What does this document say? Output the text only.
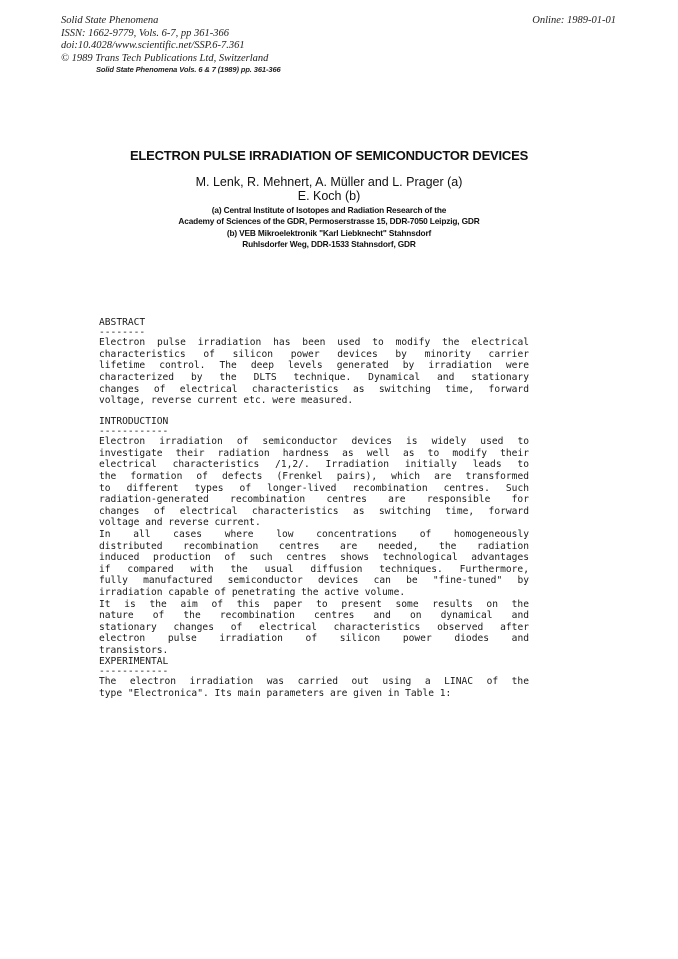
Solid State Phenomena
ISSN: 1662-9779, Vols. 6-7, pp 361-366
doi:10.4028/www.scientific.net/SSP.6-7.361
© 1989 Trans Tech Publications Ltd, Switzerland
Online: 1989-01-01
Solid State Phenomena Vols. 6 & 7 (1989) pp. 361-366
ELECTRON PULSE IRRADIATION OF SEMICONDUCTOR DEVICES
M. Lenk, R. Mehnert, A. Müller and L. Prager (a)
E. Koch (b)
(a) Central Institute of Isotopes and Radiation Research of the
Academy of Sciences of the GDR, Permoserstrasse 15, DDR-7050 Leipzig, GDR
(b) VEB Mikroelektronik "Karl Liebknecht" Stahnsdorf
Ruhlsdorfer Weg, DDR-1533 Stahnsdorf, GDR
ABSTRACT
--------
Electron pulse irradiation has been used to modify the electrical
characteristics of silicon power devices by minority carrier
lifetime control. The deep levels generated by irradiation were
characterized by the DLTS technique. Dynamical and stationary
changes of electrical characteristics as switching time, forward
voltage, reverse current etc. were measured.
INTRODUCTION
------------
Electron irradiation of semiconductor devices is widely used to
investigate their radiation hardness as well as to modify their
electrical characteristics /1,2/. Irradiation initially leads to
the formation of defects (Frenkel pairs), which are transformed
to different types of longer-lived recombination centres. Such
radiation-generated recombination centres are responsible for
changes of electrical characteristics as switching time, forward
voltage and reverse current.
In all cases where low concentrations of homogeneously
distributed recombination centres are needed, the radiation
induced production of such centres shows technological advantages
if compared with the usual diffusion techniques. Furthermore,
fully manufactured semiconductor devices can be "fine-tuned" by
irradiation capable of penetrating the active volume.
It is the aim of this paper to present some results on the
nature of the recombination centres and on dynamical and
stationary changes of electrical characteristics observed after
electron pulse irradiation of silicon power diodes and
transistors.
EXPERIMENTAL
------------
The electron irradiation was carried out using a LINAC of the
type "Electronica". Its main parameters are given in Table 1:
